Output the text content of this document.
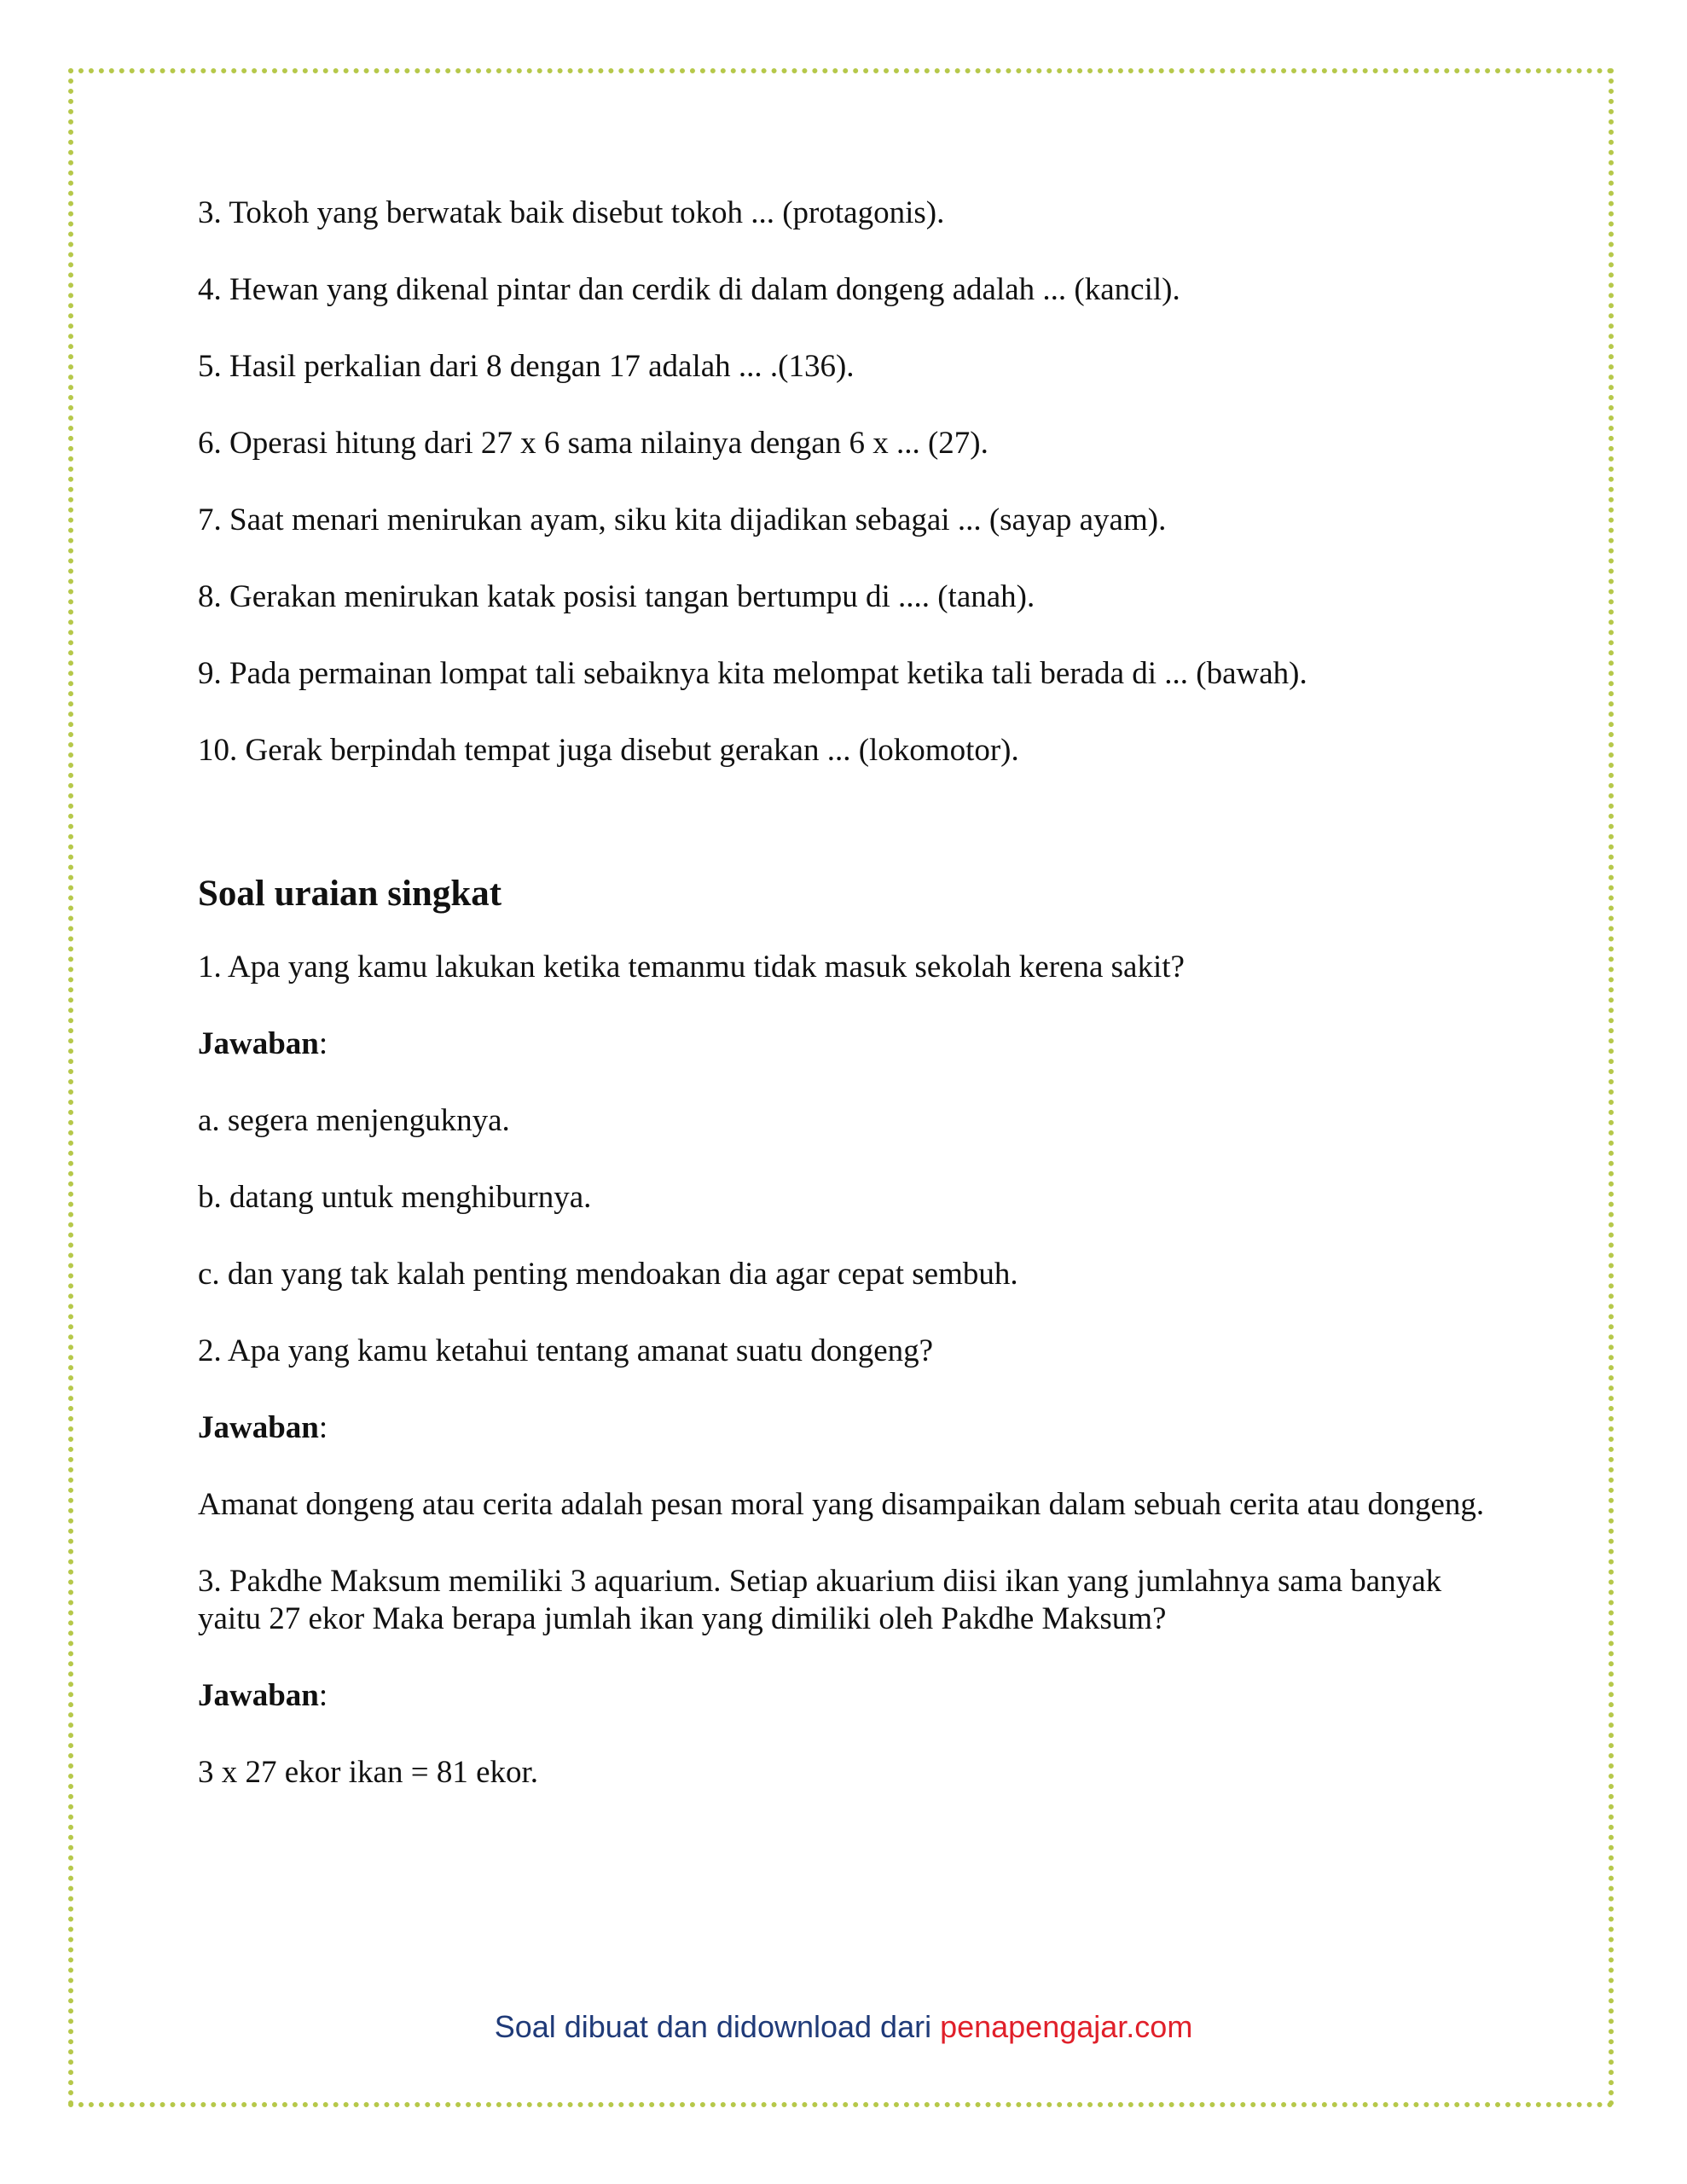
3. Tokoh yang berwatak baik disebut tokoh ... (protagonis).

4. Hewan yang dikenal pintar dan cerdik di dalam dongeng adalah ... (kancil).

5. Hasil perkalian dari 8 dengan 17 adalah ... .(136).

6. Operasi hitung dari 27 x 6 sama nilainya dengan 6 x ... (27).

7. Saat menari menirukan ayam, siku kita dijadikan sebagai ... (sayap ayam).

8. Gerakan menirukan katak posisi tangan bertumpu di .... (tanah).

9. Pada permainan lompat tali sebaiknya kita melompat ketika tali berada di ... (bawah).

10. Gerak berpindah tempat juga disebut gerakan ... (lokomotor).

Soal uraian singkat

1. Apa yang kamu lakukan ketika temanmu tidak masuk sekolah kerena sakit?

Jawaban:

a. segera menjenguknya.

b. datang untuk menghiburnya.

c. dan yang tak kalah penting mendoakan dia agar cepat sembuh.

2. Apa yang kamu ketahui tentang amanat suatu dongeng?

Jawaban:

Amanat dongeng atau cerita adalah pesan moral yang disampaikan dalam sebuah cerita atau dongeng.

3. Pakdhe Maksum memiliki 3 aquarium. Setiap akuarium diisi ikan yang jumlahnya sama banyak yaitu 27 ekor Maka berapa jumlah ikan yang dimiliki oleh Pakdhe Maksum?

Jawaban:

3 x 27 ekor ikan = 81 ekor.

Soal dibuat dan didownload dari penapengajar.com
